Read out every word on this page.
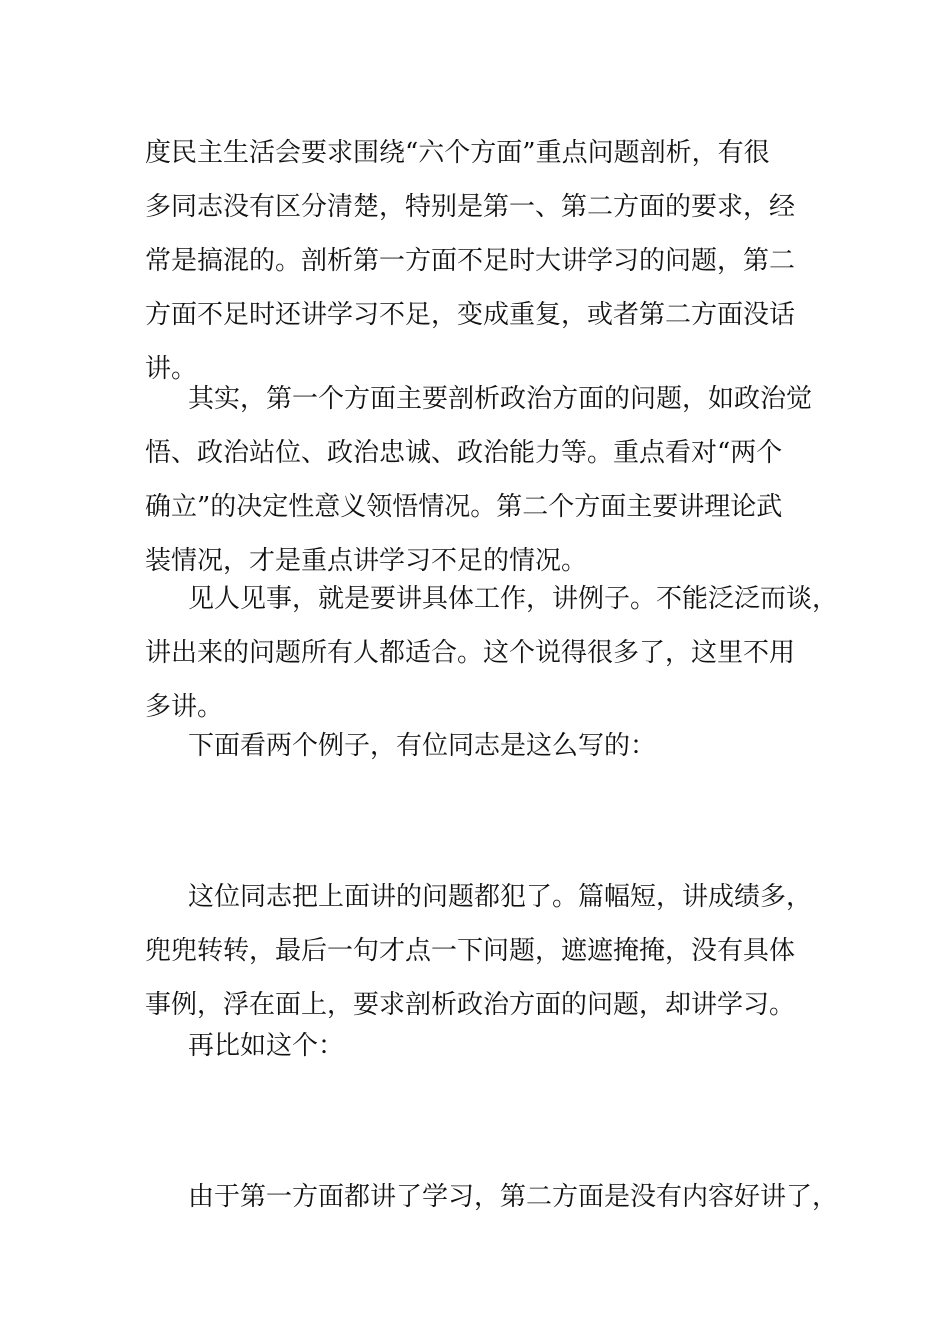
度民主生活会要求围绕“六个方面”重点问题剖析，有很
多同志没有区分清楚，特别是第一、第二方面的要求，经
常是搞混的。剖析第一方面不足时大讲学习的问题，第二
方面不足时还讲学习不足，变成重复，或者第二方面没话
讲。

其实，第一个方面主要剖析政治方面的问题，如政治觉
悟、政治站位、政治忠诚、政治能力等。重点看对“两个
确立”的决定性意义领悟情况。第二个方面主要讲理论武
装情况，才是重点讲学习不足的情况。

见人见事，就是要讲具体工作，讲例子。不能泛泛而谈，
讲出来的问题所有人都适合。这个说得很多了，这里不用
多讲。

下面看两个例子，有位同志是这么写的：

这位同志把上面讲的问题都犯了。篇幅短，讲成绩多，
兜兜转转，最后一句才点一下问题，遮遮掩掩，没有具体
事例，浮在面上，要求剖析政治方面的问题，却讲学习。

再比如这个：

由于第一方面都讲了学习，第二方面是没有内容好讲了，
